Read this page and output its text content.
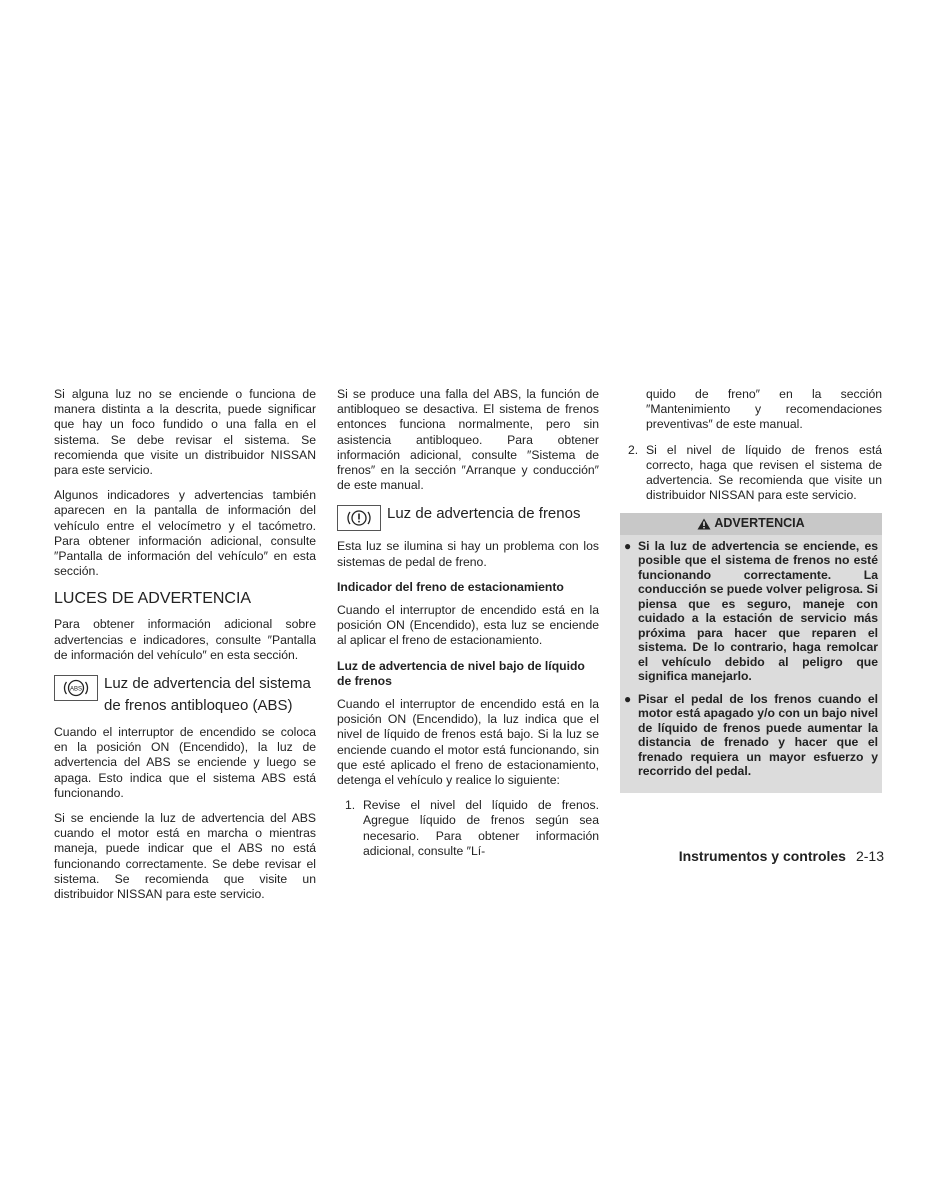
Si alguna luz no se enciende o funciona de manera distinta a la descrita, puede significar que hay un foco fundido o una falla en el sistema. Se debe revisar el sistema. Se recomienda que visite un distribuidor NISSAN para este servicio.

Algunos indicadores y advertencias también aparecen en la pantalla de información del vehículo entre el velocímetro y el tacómetro. Para obtener información adicional, consulte ″Pantalla de información del vehículo″ en esta sección.

LUCES DE ADVERTENCIA

Para obtener información adicional sobre advertencias e indicadores, consulte ″Pantalla de información del vehículo″ en esta sección.

ABS Luz de advertencia del sistema de frenos antibloqueo (ABS)

Cuando el interruptor de encendido se coloca en la posición ON (Encendido), la luz de advertencia del ABS se enciende y luego se apaga. Esto indica que el sistema ABS está funcionando.

Si se enciende la luz de advertencia del ABS cuando el motor está en marcha o mientras maneja, puede indicar que el ABS no está funcionando correctamente. Se debe revisar el sistema. Se recomienda que visite un distribuidor NISSAN para este servicio.

Si se produce una falla del ABS, la función de antibloqueo se desactiva. El sistema de frenos entonces funciona normalmente, pero sin asistencia antibloqueo. Para obtener información adicional, consulte ″Sistema de frenos″ en la sección ″Arranque y conducción″ de este manual.

Luz de advertencia de frenos

Esta luz se ilumina si hay un problema con los sistemas de pedal de freno.

Indicador del freno de estacionamiento

Cuando el interruptor de encendido está en la posición ON (Encendido), esta luz se enciende al aplicar el freno de estacionamiento.

Luz de advertencia de nivel bajo de líquido de frenos

Cuando el interruptor de encendido está en la posición ON (Encendido), la luz indica que el nivel de líquido de frenos está bajo. Si la luz se enciende cuando el motor está funcionando, sin que esté aplicado el freno de estacionamiento, detenga el vehículo y realice lo siguiente:

1. Revise el nivel del líquido de frenos. Agregue líquido de frenos según sea necesario. Para obtener información adicional, consulte ″Lí-

quido de freno″ en la sección ″Mantenimiento y recomendaciones preventivas″ de este manual.

2. Si el nivel de líquido de frenos está correcto, haga que revisen el sistema de advertencia. Se recomienda que visite un distribuidor NISSAN para este servicio.
ADVERTENCIA
● Si la luz de advertencia se enciende, es posible que el sistema de frenos no esté funcionando correctamente. La conducción se puede volver peligrosa. Si piensa que es seguro, maneje con cuidado a la estación de servicio más próxima para hacer que reparen el sistema. De lo contrario, haga remolcar el vehículo debido al peligro que significa manejarlo.
● Pisar el pedal de los frenos cuando el motor está apagado y/o con un bajo nivel de líquido de frenos puede aumentar la distancia de frenado y hacer que el frenado requiera un mayor esfuerzo y recorrido del pedal.
Instrumentos y controles 2-13
